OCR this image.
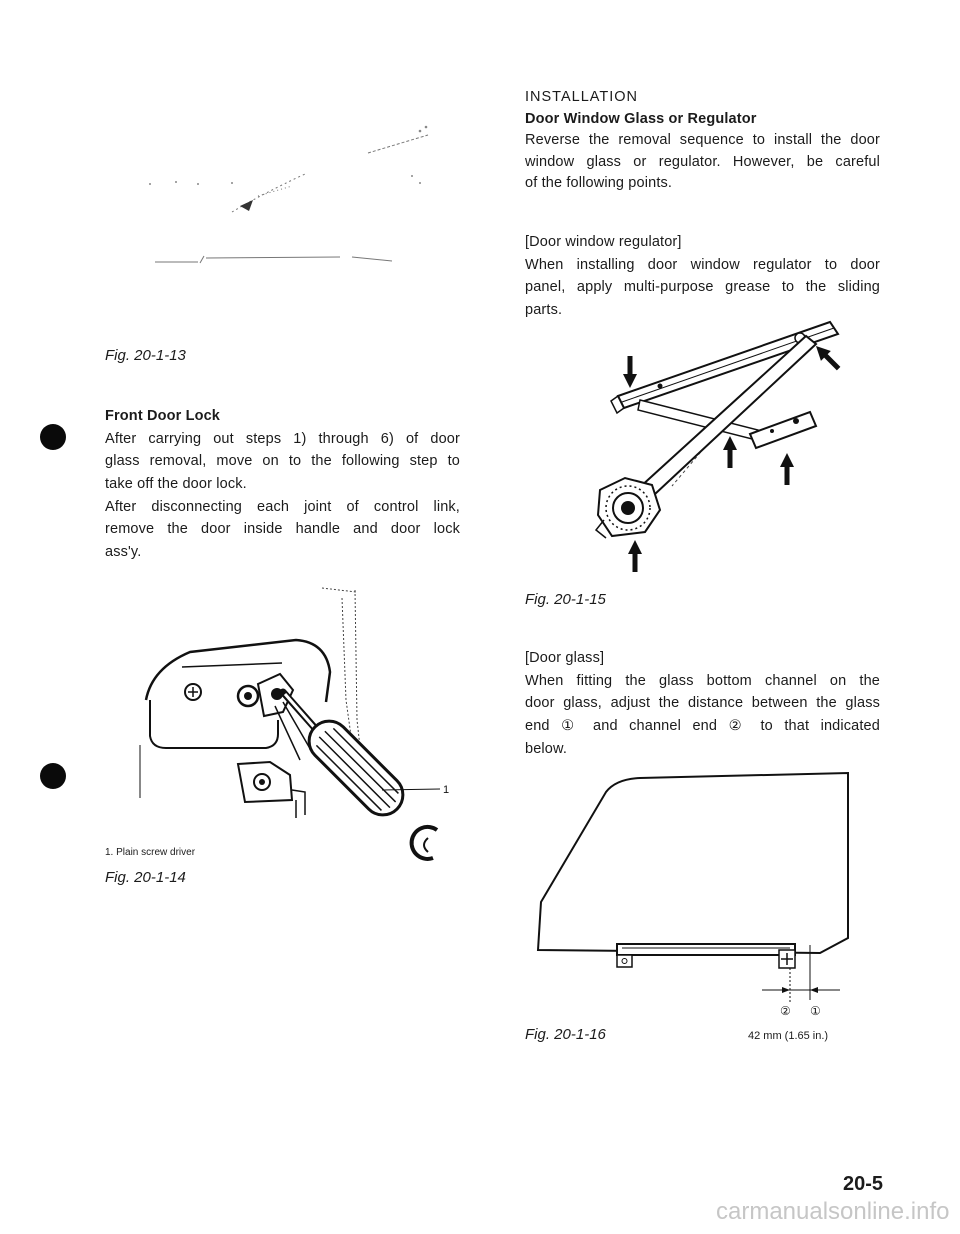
Fig. 20-1-13
Front Door Lock
After carrying out steps 1) through 6) of door
glass removal, move on to the following step to
take off the door lock.
After disconnecting each joint of control link,
remove the door inside handle and door lock
ass'y.
1
1. Plain screw driver
Fig. 20-1-14
INSTALLATION
Door Window Glass or Regulator
Reverse the removal sequence to install the door
window glass or regulator. However, be careful
of the following points.
[Door window regulator]
When installing door window regulator to door
panel, apply multi-purpose grease to the sliding
parts.
Fig. 20-1-15
[Door glass]
When fitting the glass bottom channel on the
door glass, adjust the distance between the glass
end ① and channel end ② to that indicated
below.
② ①
Fig. 20-1-16	42 mm (1.65 in.)
20-5
carmanualsonline.info
